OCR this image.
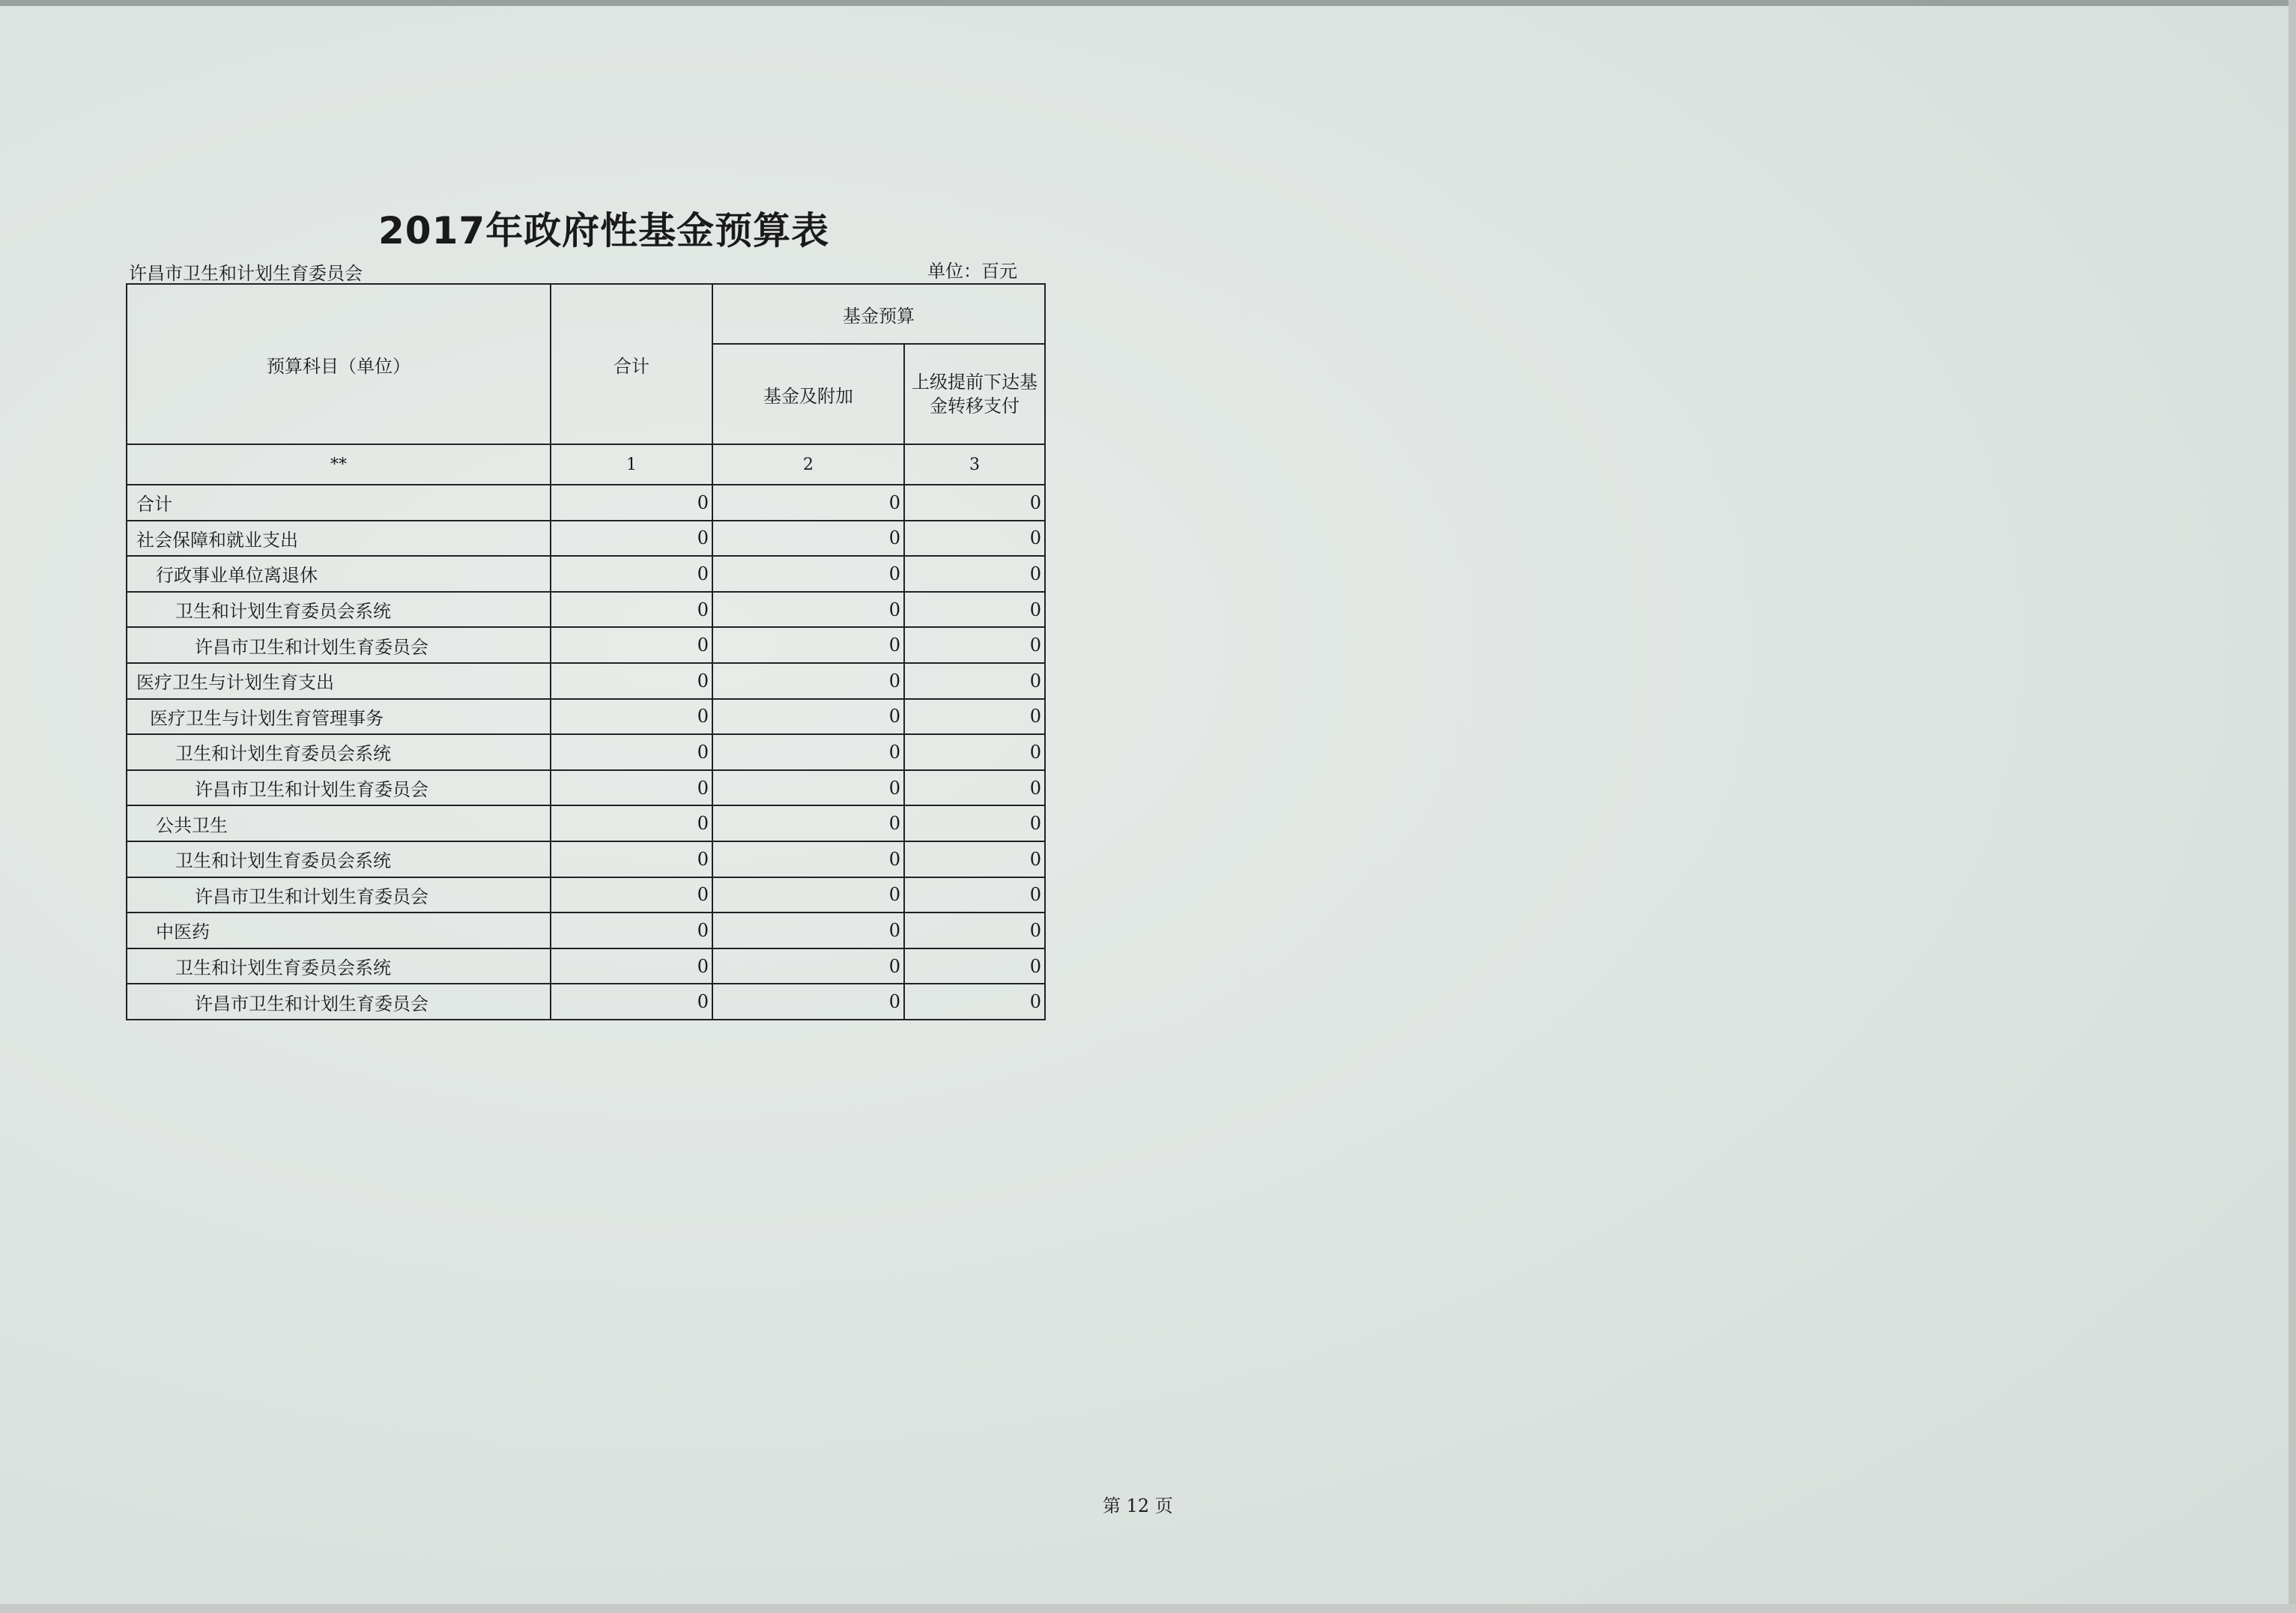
2017年政府性基金预算表
许昌市卫生和计划生育委员会	单位：百元
预算科目（单位）	合计	基金预算	
		基金及附加	上级提前下达基金转移支付
**	1	2	3
合计	0	0	0
社会保障和就业支出	0	0	0
行政事业单位离退休	0	0	0
卫生和计划生育委员会系统	0	0	0
许昌市卫生和计划生育委员会	0	0	0
医疗卫生与计划生育支出	0	0	0
医疗卫生与计划生育管理事务	0	0	0
卫生和计划生育委员会系统	0	0	0
许昌市卫生和计划生育委员会	0	0	0
公共卫生	0	0	0
卫生和计划生育委员会系统	0	0	0
许昌市卫生和计划生育委员会	0	0	0
中医药	0	0	0
卫生和计划生育委员会系统	0	0	0
许昌市卫生和计划生育委员会	0	0	0
第 12 页
